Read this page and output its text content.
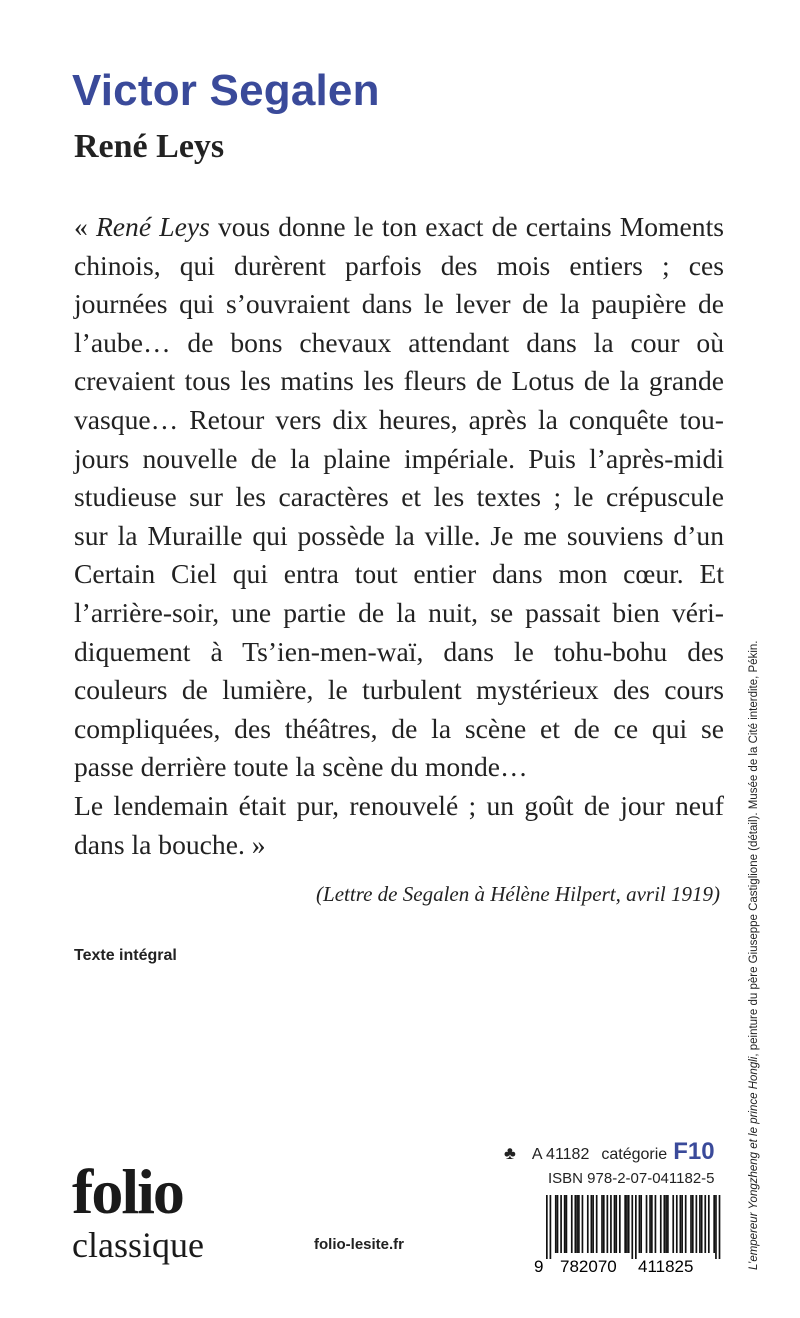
Victor Segalen
René Leys
« René Leys vous donne le ton exact de certains Moments
chinois, qui durèrent parfois des mois entiers ; ces
journées qui s’ouvraient dans le lever de la paupière de
l’aube… de bons chevaux attendant dans la cour où
crevaient tous les matins les fleurs de Lotus de la grande
vasque… Retour vers dix heures, après la conquête tou-
jours nouvelle de la plaine impériale. Puis l’après-midi
studieuse sur les caractères et les textes ; le crépuscule
sur la Muraille qui possède la ville. Je me souviens d’un
Certain Ciel qui entra tout entier dans mon cœur. Et
l’arrière-soir, une partie de la nuit, se passait bien véri-
diquement à Ts’ien-men-waï, dans le tohu-bohu des
couleurs de lumière, le turbulent mystérieux des cours
compliquées, des théâtres, de la scène et de ce qui se
passe derrière toute la scène du monde…
Le lendemain était pur, renouvelé ; un goût de jour neuf
dans la bouche. »

(Lettre de Segalen à Hélène Hilpert, avril 1919)

Texte intégral
folio
classique	folio-lesite.fr
♣ A 41182 catégorie F10
ISBN 978-2-07-041182-5
9 782070 411825	L’empereur Yongzheng et le prince Hongli, peinture du père Giuseppe Castiglione (détail). Musée de la Cité interdite, Pékin.
